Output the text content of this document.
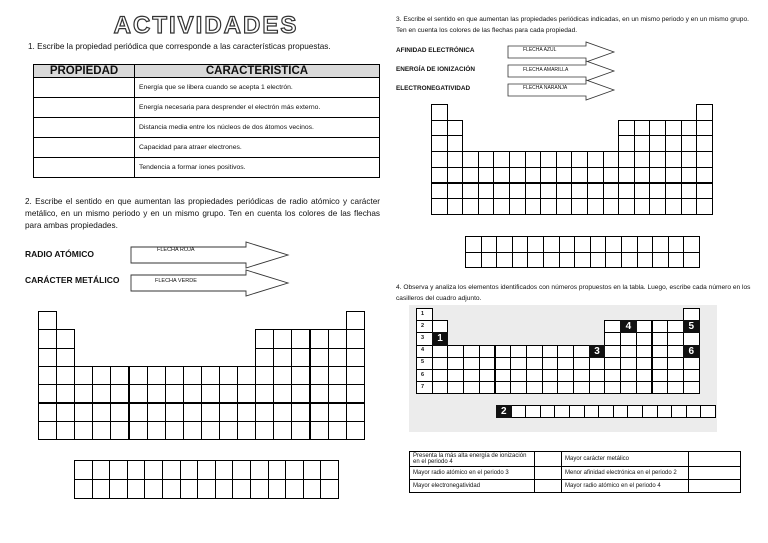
ACTIVIDADES
1. Escribe la propiedad periódica que corresponde a las características propuestas.
PROPIEDAD	CARACTERISTICA
	Energía que se libera cuando se acepta 1 electrón.
	Energía necesaria para desprender el electrón más externo.
	Distancia media entre los núcleos de dos átomos vecinos.
	Capacidad para atraer electrones.
	Tendencia a formar iones positivos.
2. Escribe el sentido en que aumentan las propiedades periódicas de radio atómico y carácter metálico, en un mismo periodo y en un mismo grupo. Ten en cuenta los colores de las flechas para ambas propiedades.
RADIO ATÓMICO
CARÁCTER METÁLICO
FLECHA ROJA
FLECHA VERDE
3. Escribe el sentido en que aumentan las propiedades periódicas indicadas, en un mismo periodo y en un mismo grupo. Ten en cuenta los colores de las flechas para cada propiedad.
AFINIDAD ELECTRÓNICA
ENERGÍA DE IONIZACIÓN
ELECTRONEGATIVIDAD
FLECHA AZUL
FLECHA AMARILLA
FLECHA NARANJA
4. Observa y analiza los elementos identificados con números propuestos en la tabla. Luego, escribe cada número en los casilleros del cuadro adjunto.
1
2
3
4
5
6
7
1
3
4	5
6
2
Presenta la más alta energía de ionización en el periodo 4		Mayor carácter metálico	
Mayor radio atómico en el periodo 3		Menor afinidad electrónica en el periodo 2	
Mayor electronegatividad		Mayor radio atómico en el periodo 4	
